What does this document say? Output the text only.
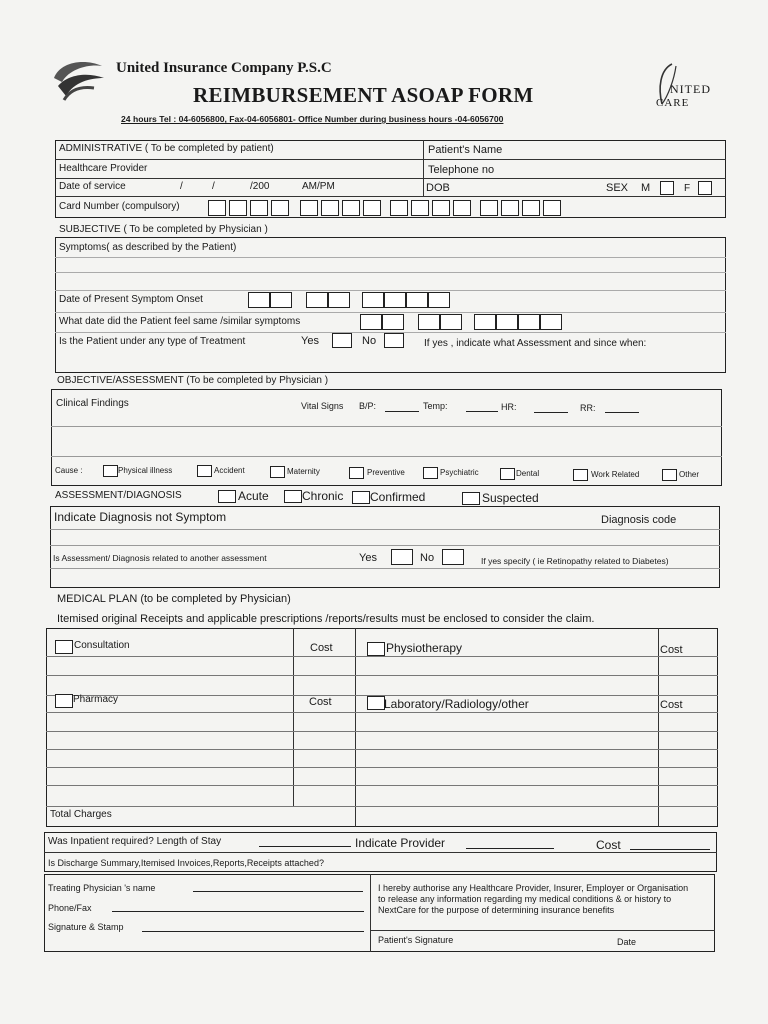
United Insurance Company P.S.C
REIMBURSEMENT ASOAP FORM
24 hours Tel : 04-6056800, Fax-04-6056801- Office Number during business hours -04-6056700
NITED
CARE
ADMINISTRATIVE ( To be completed by patient)	Patient's Name
Healthcare Provider	Telephone no
Date of service	/	/	/200	AM/PM	DOB	SEX M	F
Card Number (compulsory)
SUBJECTIVE ( To be completed by Physician )
Symptoms( as described by the Patient)
Date of Present Symptom Onset
What date did the Patient feel same /similar symptoms
Is the Patient under any type of Treatment	Yes	No	If yes , indicate what Assessment and since when:
OBJECTIVE/ASSESSMENT (To be completed by Physician )
Clinical Findings	Vital Signs B/P:	Temp:	HR:	RR:
Cause :	Physical illness	Accident	Maternity	Preventive	Psychiatric	Dental	Work Related	Other
ASSESSMENT/DIAGNOSIS	Acute	Chronic Confirmed	Suspected
Indicate Diagnosis not Symptom	Diagnosis code
Is Assessment/ Diagnosis related to another assessment	Yes	No	If yes specify ( ie Retinopathy related to Diabetes)
MEDICAL PLAN (to be completed by Physician)
Itemised original Receipts and applicable prescriptions /reports/results must be enclosed to consider the claim.
Consultation	Cost	Physiotherapy	Cost
Pharmacy	Cost	Laboratory/Radiology/other	Cost
Total Charges
Was Inpatient required? Length of Stay	Indicate Provider	Cost
Is Discharge Summary,Itemised Invoices,Reports,Receipts attached?
Treating Physician 's name
Phone/Fax
Signature & Stamp
I hereby authorise any Healthcare Provider, Insurer, Employer or Organisation to release any information regarding my medical conditions & or history to NextCare for the purpose of determining insurance benefits
Patient's Signature	Date
